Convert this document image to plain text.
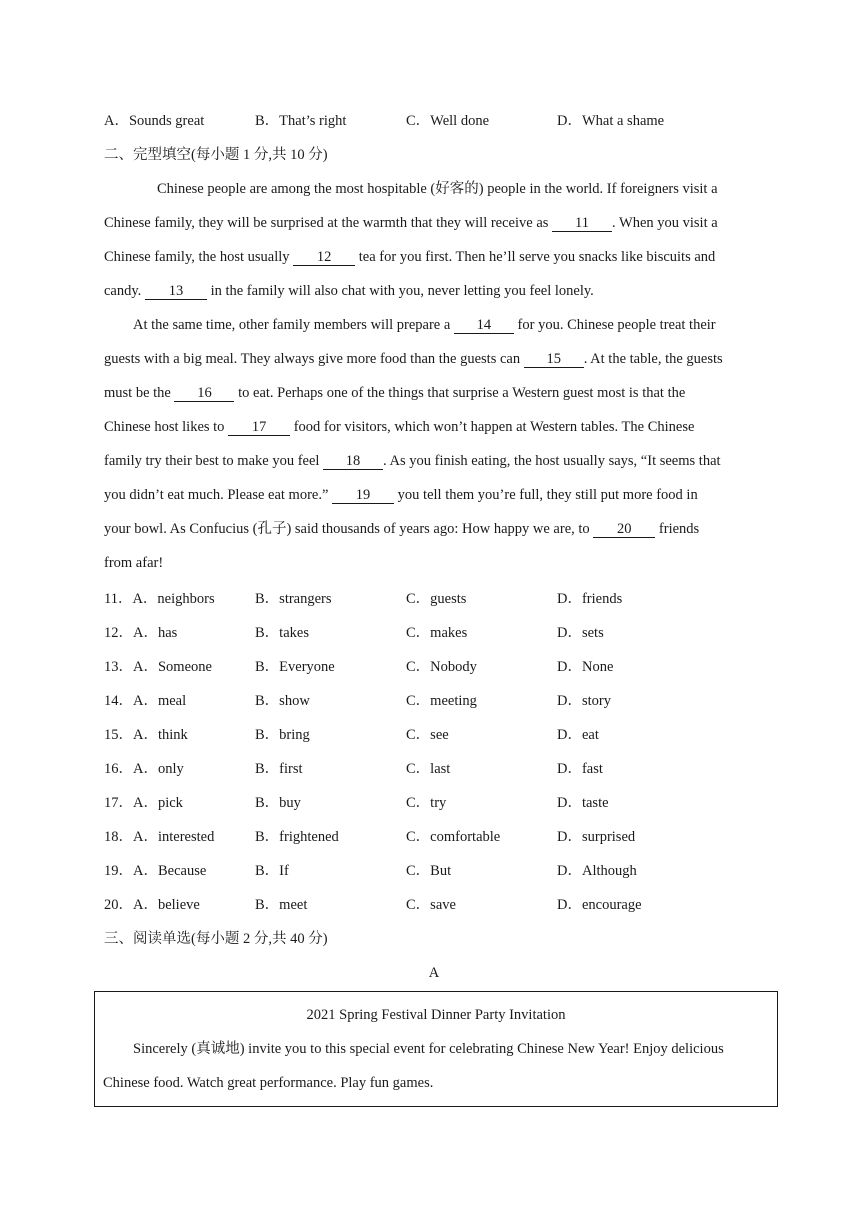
A．Sounds great	B．That’s right	C．Well done	D．What a shame
二、完型填空(每小题 1 分,共 10 分)
Chinese people are among the most hospitable (好客的) people in the world. If foreigners visit a
Chinese family, they will be surprised at the warmth that they will receive as 11 . When you visit a
Chinese family, the host usually 12 tea for you first. Then he’ll serve you snacks like biscuits and
candy. 13 in the family will also chat with you, never letting you feel lonely.
At the same time, other family members will prepare a 14 for you. Chinese people treat their
guests with a big meal. They always give more food than the guests can 15 . At the table, the guests
must be the 16 to eat. Perhaps one of the things that surprise a Western guest most is that the
Chinese host likes to 17 food for visitors, which won’t happen at Western tables. The Chinese
family try their best to make you feel 18 . As you finish eating, the host usually says, “It seems that
you didn’t eat much. Please eat more.” 19 you tell them you’re full, they still put more food in
your bowl. As Confucius (孔子) said thousands of years ago: How happy we are, to 20 friends
from afar!
11．A．neighbors	B．strangers	C．guests	D．friends
12．A．has	B．takes	C．makes	D．sets
13．A．Someone	B．Everyone	C．Nobody	D．None
14．A．meal	B．show	C．meeting	D．story
15．A．think	B．bring	C．see	D．eat
16．A．only	B．first	C．last	D．fast
17．A．pick	B．buy	C．try	D．taste
18．A．interested	B．frightened	C．comfortable	D．surprised
19．A．Because	B．If	C．But	D．Although
20．A．believe	B．meet	C．save	D．encourage
三、阅读单选(每小题 2 分,共 40 分)
A
2021 Spring Festival Dinner Party Invitation
Sincerely (真诚地) invite you to this special event for celebrating Chinese New Year! Enjoy delicious
Chinese food. Watch great performance. Play fun games.
